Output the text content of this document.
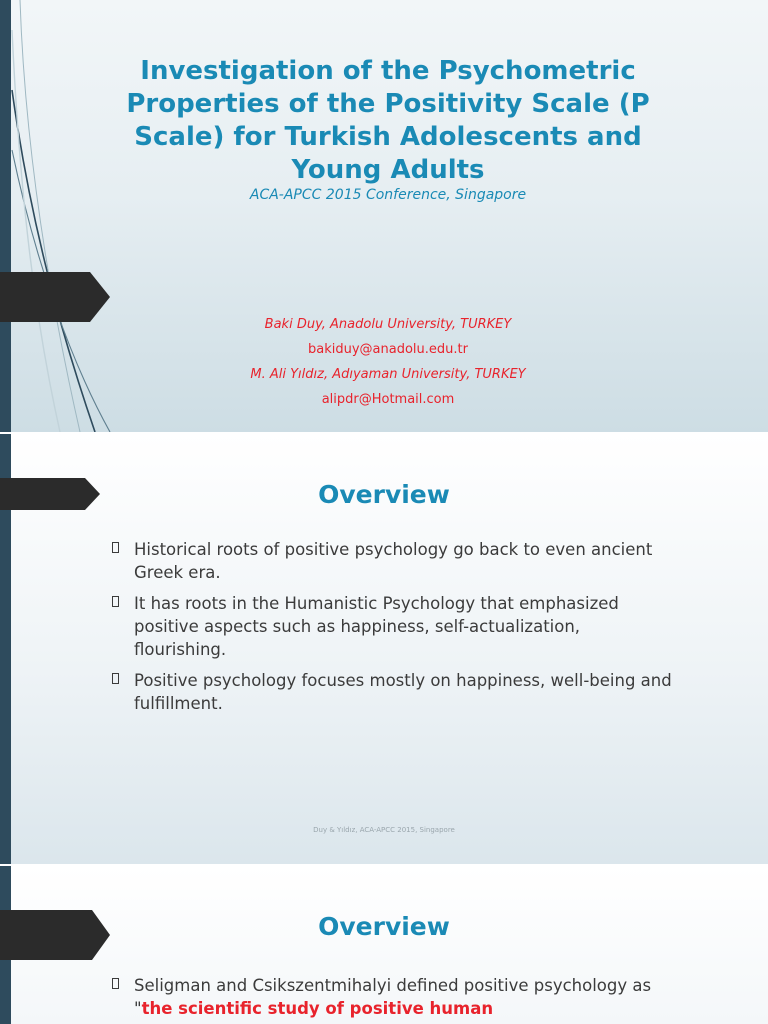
Investigation of the Psychometric Properties of the Positivity Scale (P Scale) for Turkish Adolescents and Young Adults
ACA-APCC 2015 Conference, Singapore
Baki Duy, Anadolu University, TURKEY
bakiduy@anadolu.edu.tr
M. Ali Yıldız, Adıyaman University, TURKEY
alipdr@Hotmail.com
Overview
Historical roots of positive psychology go back to even ancient Greek era.
It has roots in the Humanistic Psychology that emphasized positive aspects such as happiness, self-actualization, flourishing.
Positive psychology focuses mostly on happiness, well-being and fulfillment.
Duy & Yıldız, ACA-APCC 2015, Singapore
Overview
Seligman and Csikszentmihalyi defined positive psychology as "the scientific study of positive human
